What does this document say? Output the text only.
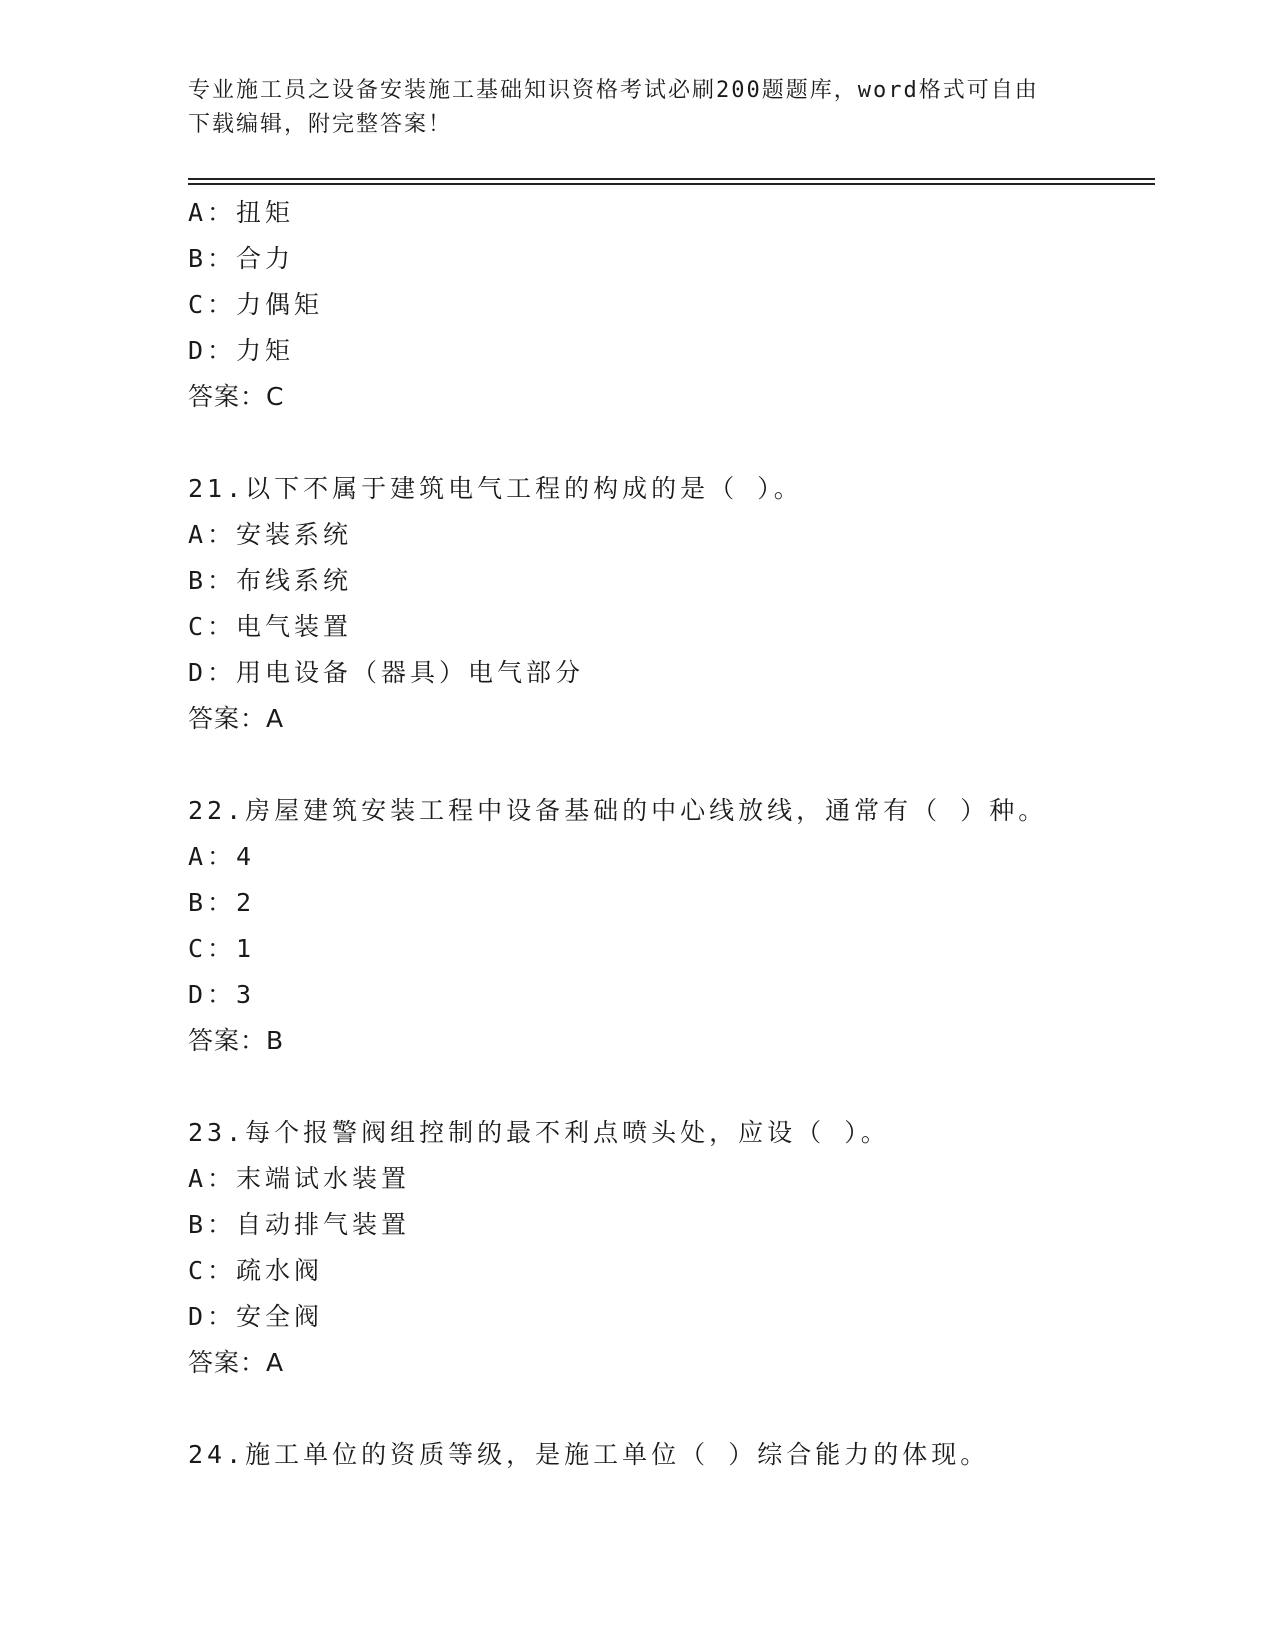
专业施工员之设备安装施工基础知识资格考试必刷200题题库，word格式可自由
下载编辑，附完整答案！
A：扭矩
B：合力
C：力偶矩
D：力矩
答案：C
21.以下不属于建筑电气工程的构成的是（ ）。
A：安装系统
B：布线系统
C：电气装置
D：用电设备（器具）电气部分
答案：A
22.房屋建筑安装工程中设备基础的中心线放线，通常有（ ）种。
A：4
B：2
C：1
D：3
答案：B
23.每个报警阀组控制的最不利点喷头处，应设（ ）。
A：末端试水装置
B：自动排气装置
C：疏水阀
D：安全阀
答案：A
24.施工单位的资质等级，是施工单位（ ）综合能力的体现。
